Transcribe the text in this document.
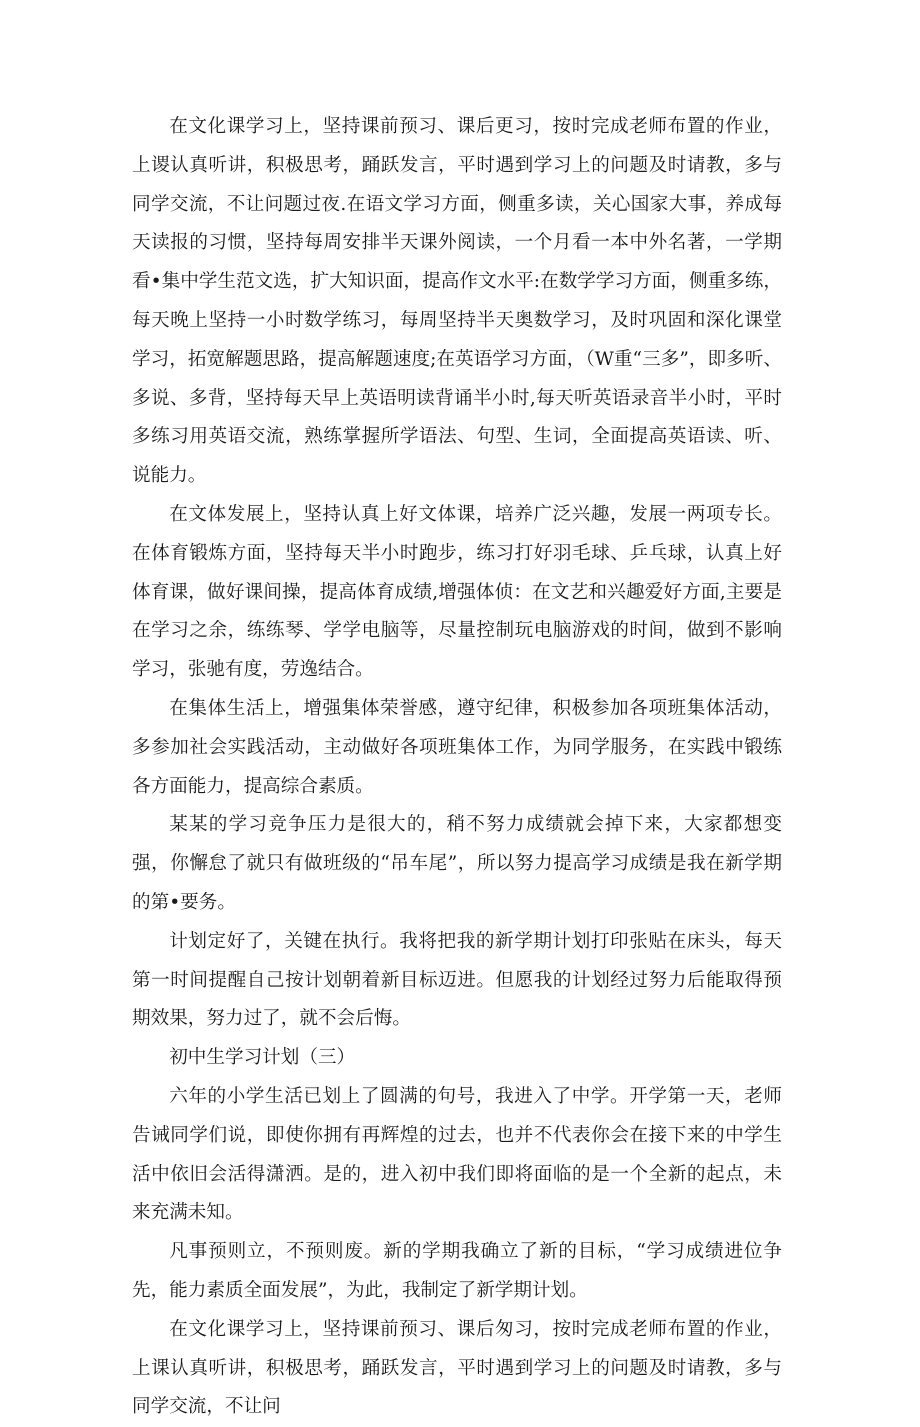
在文化课学习上，坚持课前预习、课后更习，按时完成老师布置的作业，上谡认真听讲，积极思考，踊跃发言，平时遇到学习上的问题及时请教，多与同学交流，不让问题过夜.在语文学习方面，侧重多读，关心国家大事，养成每天读报的习惯，坚持每周安排半天课外阅读，一个月看一本中外名著，一学期看•集中学生范文选，扩大知识面，提高作文水平:在数学学习方面，侧重多练，每天晚上坚持一小时数学练习，每周坚持半天奥数学习，及时巩固和深化课堂学习，拓宽解题思路，提高解题速度;在英语学习方面，（W重“三多”，即多听、多说、多背，坚持每天早上英语明读背诵半小时,每天听英语录音半小时，平时多练习用英语交流，熟练掌握所学语法、句型、生词，全面提高英语读、听、说能力。

在文体发展上，坚持认真上好文体课，培养广泛兴趣，发展一两项专长。在体育锻炼方面，坚持每天半小时跑步，练习打好羽毛球、乒乓球，认真上好体育课，做好课间操，提高体育成绩,增强体侦：在文艺和兴趣爱好方面,主要是在学习之余，练练琴、学学电脑等，尽量控制玩电脑游戏的时间，做到不影响学习，张驰有度，劳逸结合。

在集体生活上，增强集体荣誉感，遵守纪律，积极参加各项班集体活动，多参加社会实践活动，主动做好各项班集体工作，为同学服务，在实践中锻练各方面能力，提高综合素质。

某某的学习竞争压力是很大的，稍不努力成绩就会掉下来，大家都想变强，你懈怠了就只有做班级的“吊车尾”，所以努力提高学习成绩是我在新学期的第•要务。

计划定好了，关键在执行。我将把我的新学期计划打印张贴在床头，每天第一时间提醒自己按计划朝着新目标迈进。但愿我的计划经过努力后能取得预期效果，努力过了，就不会后悔。

初中生学习计划（三）

六年的小学生活已划上了圆满的句号，我进入了中学。开学第一天，老师告诫同学们说，即使你拥有再辉煌的过去，也并不代表你会在接下来的中学生活中依旧会活得潇洒。是的，进入初中我们即将面临的是一个全新的起点，未来充满未知。

凡事预则立，不预则废。新的学期我确立了新的目标，“学习成绩进位争先，能力素质全面发展”，为此，我制定了新学期计划。

在文化课学习上，坚持课前预习、课后匆习，按时完成老师布置的作业，上课认真听讲，积极思考，踊跃发言，平时遇到学习上的问题及时请教，多与同学交流，不让问
